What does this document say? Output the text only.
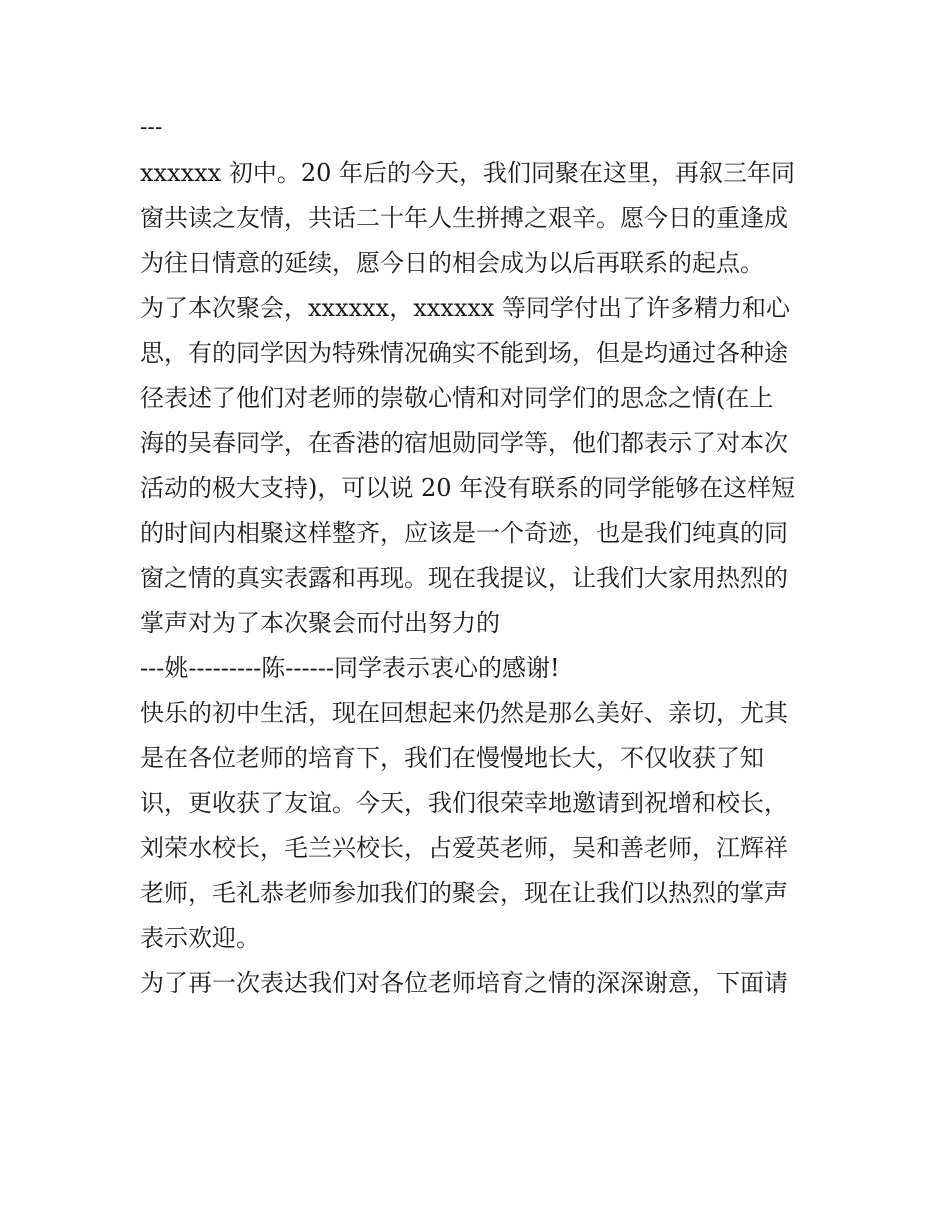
---
xxxxxx 初中。20 年后的今天，我们同聚在这里，再叙三年同
窗共读之友情，共话二十年人生拼搏之艰辛。愿今日的重逢成
为往日情意的延续，愿今日的相会成为以后再联系的起点。
为了本次聚会，xxxxxx，xxxxxx 等同学付出了许多精力和心
思，有的同学因为特殊情况确实不能到场，但是均通过各种途
径表述了他们对老师的崇敬心情和对同学们的思念之情(在上
海的吴春同学，在香港的宿旭勋同学等，他们都表示了对本次
活动的极大支持)，可以说 20 年没有联系的同学能够在这样短
的时间内相聚这样整齐，应该是一个奇迹，也是我们纯真的同
窗之情的真实表露和再现。现在我提议，让我们大家用热烈的
掌声对为了本次聚会而付出努力的
---姚---------陈------同学表示衷心的感谢!
快乐的初中生活，现在回想起来仍然是那么美好、亲切，尤其
是在各位老师的培育下，我们在慢慢地长大，不仅收获了知
识，更收获了友谊。今天，我们很荣幸地邀请到祝增和校长，
刘荣水校长，毛兰兴校长，占爱英老师，吴和善老师，江辉祥
老师，毛礼恭老师参加我们的聚会，现在让我们以热烈的掌声
表示欢迎。
为了再一次表达我们对各位老师培育之情的深深谢意，下面请
